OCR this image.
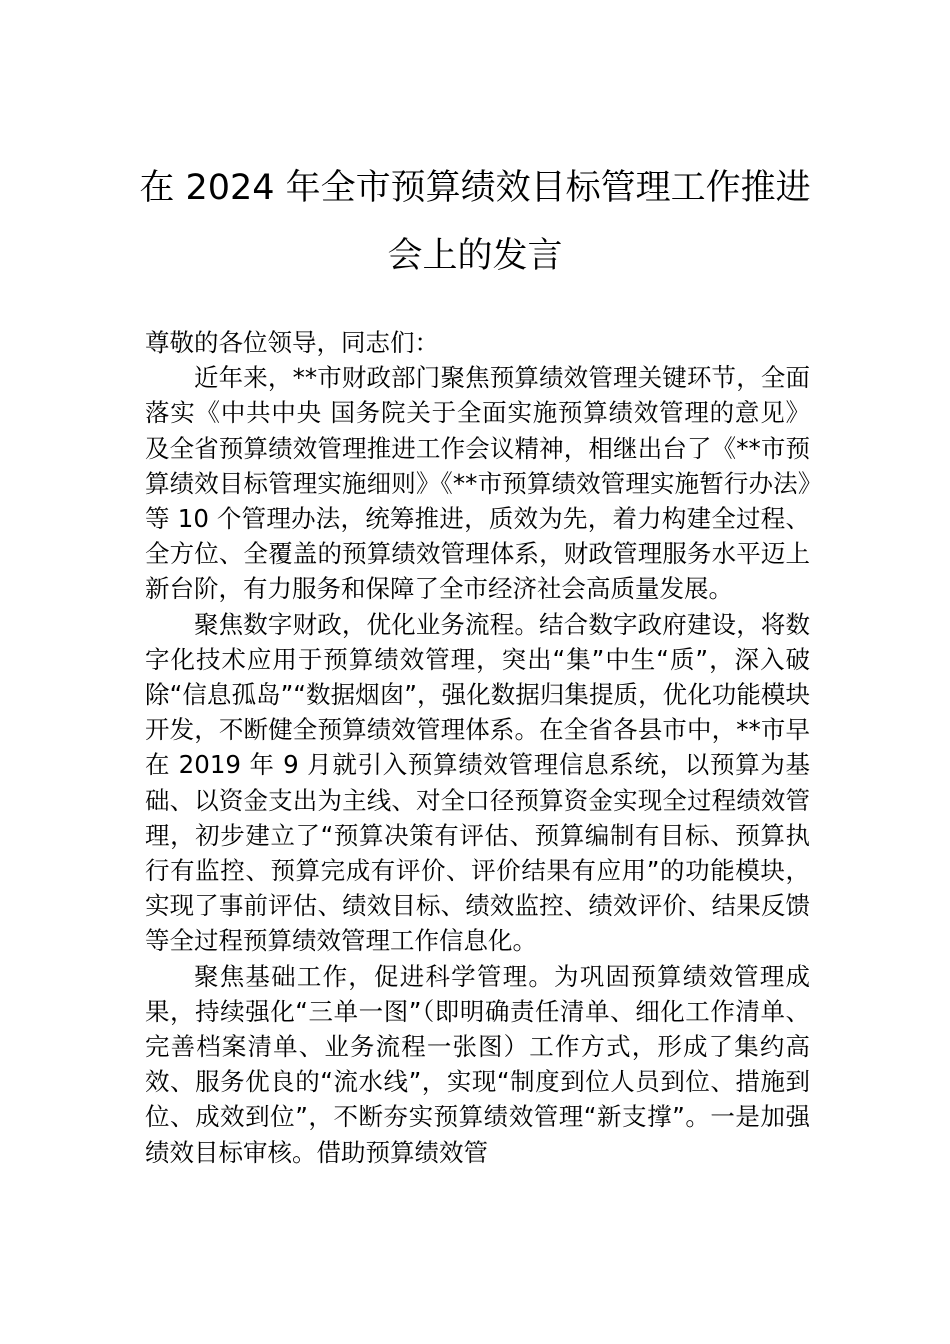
在 2024 年全市预算绩效目标管理工作推进
会上的发言

尊敬的各位领导，同志们：

近年来，**市财政部门聚焦预算绩效管理关键环节，全面落实《中共中央 国务院关于全面实施预算绩效管理的意见》及全省预算绩效管理推进工作会议精神，相继出台了《**市预算绩效目标管理实施细则》《**市预算绩效管理实施暂行办法》等 10 个管理办法，统筹推进，质效为先，着力构建全过程、全方位、全覆盖的预算绩效管理体系，财政管理服务水平迈上新台阶，有力服务和保障了全市经济社会高质量发展。

聚焦数字财政，优化业务流程。结合数字政府建设，将数字化技术应用于预算绩效管理，突出“集”中生“质”，深入破除“信息孤岛”“数据烟囱”，强化数据归集提质，优化功能模块开发，不断健全预算绩效管理体系。在全省各县市中，**市早在 2019 年 9 月就引入预算绩效管理信息系统，以预算为基础、以资金支出为主线、对全口径预算资金实现全过程绩效管理，初步建立了“预算决策有评估、预算编制有目标、预算执行有监控、预算完成有评价、评价结果有应用”的功能模块，实现了事前评估、绩效目标、绩效监控、绩效评价、结果反馈等全过程预算绩效管理工作信息化。

聚焦基础工作，促进科学管理。为巩固预算绩效管理成果，持续强化“三单一图”（即明确责任清单、细化工作清单、完善档案清单、业务流程一张图）工作方式，形成了集约高效、服务优良的“流水线”，实现“制度到位人员到位、措施到位、成效到位”，不断夯实预算绩效管理“新支撑”。一是加强绩效目标审核。借助预算绩效管
